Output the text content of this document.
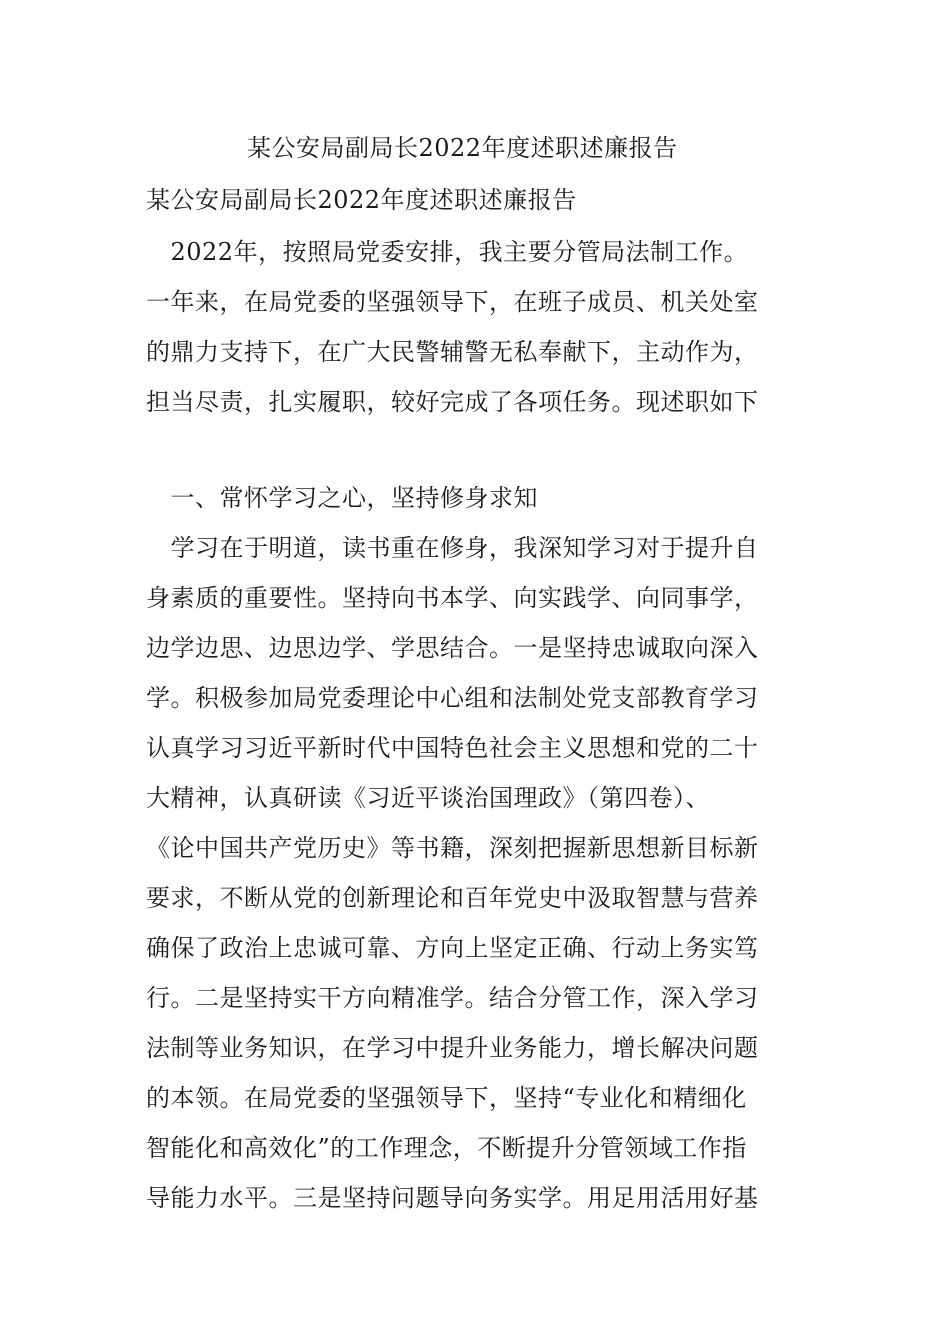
某公安局副局长2022年度述职述廉报告
某公安局副局长2022年度述职述廉报告
　2022年，按照局党委安排，我主要分管局法制工作。
一年来，在局党委的坚强领导下，在班子成员、机关处室
的鼎力支持下，在广大民警辅警无私奉献下，主动作为，
担当尽责，扎实履职，较好完成了各项任务。现述职如下
　一、常怀学习之心，坚持修身求知
　学习在于明道，读书重在修身，我深知学习对于提升自
身素质的重要性。坚持向书本学、向实践学、向同事学，
边学边思、边思边学、学思结合。一是坚持忠诚取向深入
学。积极参加局党委理论中心组和法制处党支部教育学习
认真学习习近平新时代中国特色社会主义思想和党的二十
大精神，认真研读《习近平谈治国理政》（第四卷）、
《论中国共产党历史》等书籍，深刻把握新思想新目标新
要求，不断从党的创新理论和百年党史中汲取智慧与营养
确保了政治上忠诚可靠、方向上坚定正确、行动上务实笃
行。二是坚持实干方向精准学。结合分管工作，深入学习
法制等业务知识，在学习中提升业务能力，增长解决问题
的本领。在局党委的坚强领导下，坚持“专业化和精细化
智能化和高效化”的工作理念，不断提升分管领域工作指
导能力水平。三是坚持问题导向务实学。用足用活用好基
